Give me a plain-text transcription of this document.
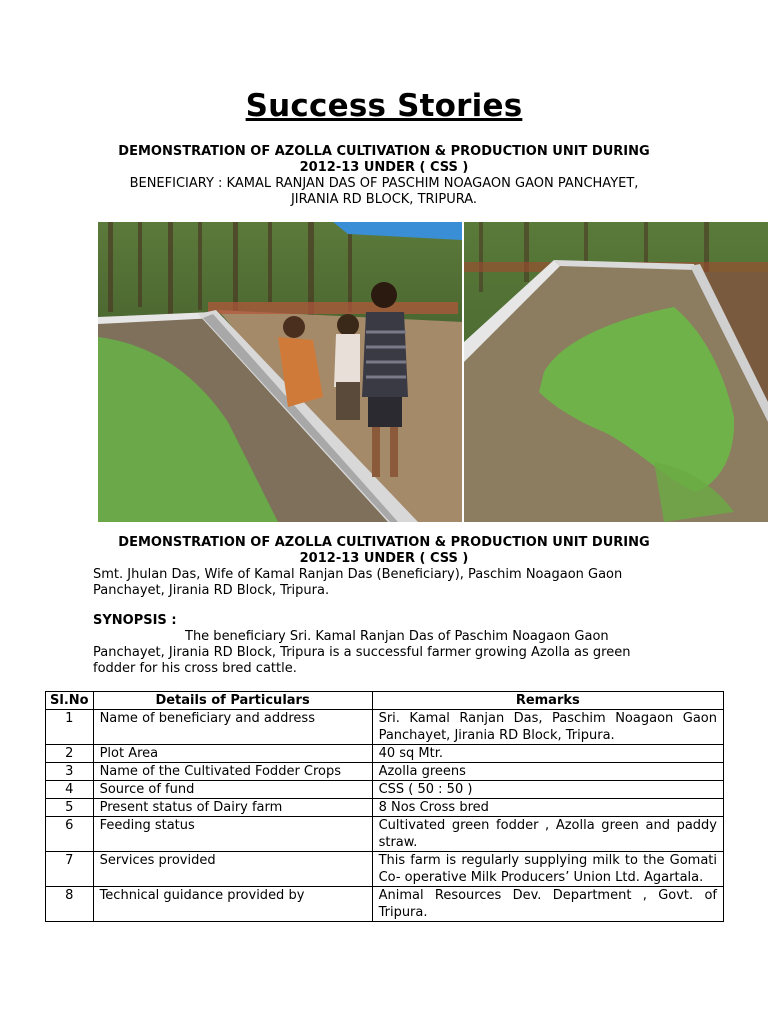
Success Stories
DEMONSTRATION OF AZOLLA CULTIVATION & PRODUCTION UNIT DURING
2012-13 UNDER ( CSS )
BENEFICIARY : KAMAL RANJAN DAS OF PASCHIM NOAGAON GAON PANCHAYET,
JIRANIA RD BLOCK, TRIPURA.
DEMONSTRATION OF AZOLLA CULTIVATION & PRODUCTION UNIT DURING
2012-13 UNDER ( CSS )
Smt. Jhulan Das, Wife of Kamal Ranjan Das (Beneficiary), Paschim Noagaon Gaon
Panchayet, Jirania RD Block, Tripura.
SYNOPSIS :
The beneficiary Sri. Kamal Ranjan Das of Paschim Noagaon Gaon
Panchayet, Jirania RD Block, Tripura is a successful farmer growing Azolla as green
fodder for his cross bred cattle.
Sl.No	Details of Particulars	Remarks
1	Name of beneficiary and address	Sri. Kamal Ranjan Das, Paschim Noagaon Gaon Panchayet, Jirania RD Block, Tripura.
2	Plot Area	40 sq Mtr.
3	Name of the Cultivated Fodder Crops	Azolla greens
4	Source of fund	CSS ( 50 : 50 )
5	Present status of Dairy farm	8 Nos Cross bred
6	Feeding status	Cultivated green fodder , Azolla green and paddy straw.
7	Services provided	This farm is regularly supplying milk to the Gomati Co- operative Milk Producers’ Union Ltd. Agartala.
8	Technical guidance provided by	Animal Resources Dev. Department , Govt. of Tripura.
